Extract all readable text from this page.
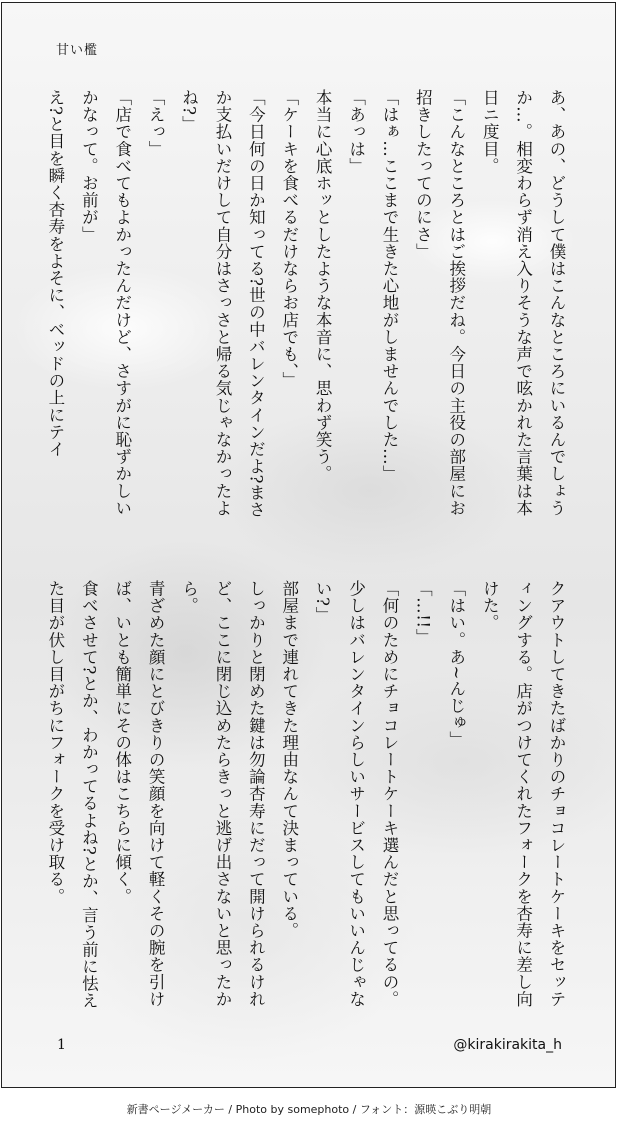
甘い檻

あ、あの、どうして僕はこんなところにいるんでしょうか…。相変わらず消え入りそうな声で呟かれた言葉は本日ニ度目。

「こんなところとはご挨拶だね。今日の主役の部屋にお招きしたってのにさ」

「はぁ…ここまで生きた心地がしませんでした…」

「あっは」

本当に心底ホッとしたような本音に、思わず笑う。

「ケーキを食べるだけならお店でも、」

「今日何の日か知ってる?世の中バレンタインだよ?まさか支払いだけして自分はさっさと帰る気じゃなかったよね?」

「えっ」

「店で食べてもよかったんだけど、さすがに恥ずかしいかなって。お前が」

え?と目を瞬く杏寿をよそに、ベッドの上にテイ

クアウトしてきたばかりのチョコレートケーキをセッティングする。店がつけてくれたフォークを杏寿に差し向けた。

「はい。あ~んじゅ」

「…!!」

「何のためにチョコレートケーキ選んだと思ってるの。少しはバレンタインらしいサービスしてもいいんじゃない?」

部屋まで連れてきた理由なんて決まっている。

しっかりと閉めた鍵は勿論杏寿にだって開けられるけれど、ここに閉じ込めたらきっと逃げ出さないと思ったから。

青ざめた顔にとびきりの笑顔を向けて軽くその腕を引けば、いとも簡単にその体はこちらに傾く。

食べさせて?とか、わかってるよね?とか、言う前に怯えた目が伏し目がちにフォークを受け取る。

1	@kirakirakita_h
新書ページメーカー / Photo by somephoto / フォント：源暎こぶり明朝
